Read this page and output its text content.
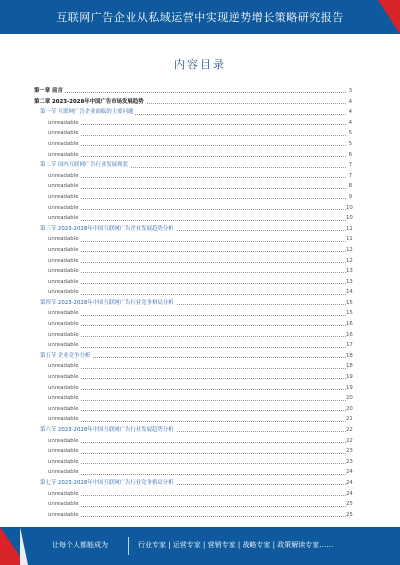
互联网广告企业从私域运营中实现逆势增长策略研究报告
内容目录
第一章 前言	3
第二章 2023-2028年中国广告市场发展趋势	4
第一节 互联网广告企业面临的主要问题	4
unreadable	4
unreadable	5
unreadable	5
unreadable	6
第二节 国内互联网广告行业发展现状	7
unreadable	7
unreadable	8
unreadable	9
unreadable	10
unreadable	10
第三节 2023-2028年中国互联网广告企业发展趋势分析	11
unreadable	11
unreadable	12
unreadable	12
unreadable	13
unreadable	13
unreadable	14
第四节 2023-2028年中国互联网广告行业竞争格局分析	15
unreadable	15
unreadable	16
unreadable	16
unreadable	17
第五节 企业竞争分析	18
unreadable	18
unreadable	19
unreadable	19
unreadable	20
unreadable	20
unreadable	21
第六节 2023-2028年中国互联网广告行业发展趋势分析	22
unreadable	22
unreadable	23
unreadable	23
unreadable	24
第七节 2023-2028年中国互联网广告行业竞争格局分析	24
unreadable	24
unreadable	25
unreadable	25
让每个人都能成为	行业专家 | 运营专家 | 营销专家 | 战略专家 | 政策解读专家……
